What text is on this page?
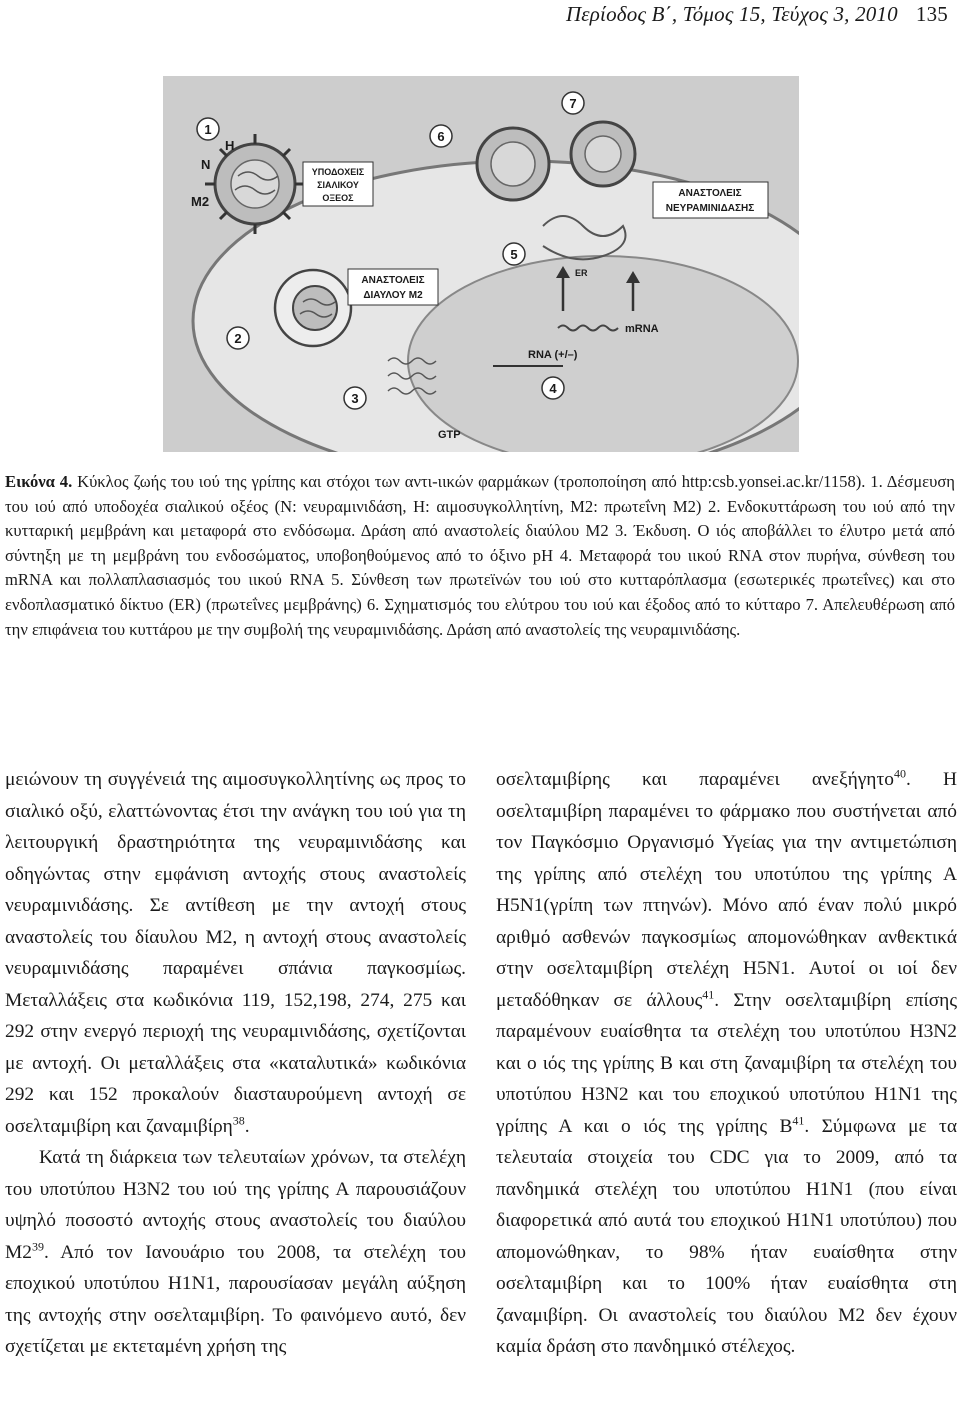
Περίοδος Β΄, Τόμος 15, Τεύχος 3, 2010 135
1
2
3
4
5
6
7
N
H
M2
ΥΠΟΔΟΧΕΙΣ
ΣΙΑΛΙΚΟΥ
ΟΞΕΟΣ
ΑΝΑΣΤΟΛΕΙΣ
ΔΙΑΥΛΟΥ Μ2
ΑΝΑΣΤΟΛΕΙΣ
ΝΕΥΡΑΜΙΝΙΔΑΣΗΣ
ER
mRNA
RNA (+/–)
GTP

Εικόνα 4. Κύκλος ζωής του ιού της γρίπης και στόχοι των αντι-ιικών φαρμάκων (τροποποίηση από http:csb.yonsei.ac.kr/1158). 1. Δέσμευση του ιού από υποδοχέα σιαλικού οξέος (N: νευραμινιδάση, H: αιμοσυγκολλητίνη, M2: πρωτεΐνη M2) 2. Ενδοκυττάρωση του ιού από την κυτταρική μεμβράνη και μεταφορά στο ενδόσωμα. Δράση από αναστολείς διαύλου M2 3. Έκδυση. Ο ιός αποβάλλει το έλυτρο μετά από σύντηξη με τη μεμβράνη του ενδοσώματος, υποβοηθούμενος από το όξινο pH 4. Μεταφορά του ιικού RNA στον πυρήνα, σύνθεση του mRNA και πολλαπλασιασμός του ιικού RNA 5. Σύνθεση των πρωτεϊνών του ιού στο κυτταρόπλασμα (εσωτερικές πρωτεΐνες) και στο ενδοπλασματικό δίκτυο (ER) (πρωτεΐνες μεμβράνης) 6. Σχηματισμός του ελύτρου του ιού και έξοδος από το κύτταρο 7. Απελευθέρωση από την επιφάνεια του κυττάρου με την συμβολή της νευραμινιδάσης. Δράση από αναστολείς της νευραμινιδάσης.

μειώνουν τη συγγένειά της αιμοσυγκολλητίνης ως προς το σιαλικό οξύ, ελαττώνοντας έτσι την ανάγκη του ιού για τη λειτουργική δραστηριότητα της νευραμινιδάσης και οδηγώντας στην εμφάνιση αντοχής στους αναστολείς νευραμινιδάσης. Σε αντίθεση με την αντοχή στους αναστολείς του δίαυλου Μ2, η αντοχή στους αναστολείς νευραμινιδάσης παραμένει σπάνια παγκοσμίως. Μεταλλάξεις στα κωδικόνια 119, 152,198, 274, 275 και 292 στην ενεργό περιοχή της νευραμινιδάσης, σχετίζονται με αντοχή. Οι μεταλλάξεις στα «καταλυτικά» κωδικόνια 292 και 152 προκαλούν διασταυρούμενη αντοχή σε οσελταμιβίρη και ζαναμιβίρη$^{38}$.

Κατά τη διάρκεια των τελευταίων χρόνων, τα στελέχη του υποτύπου H3N2 του ιού της γρίπης Α παρουσιάζουν υψηλό ποσοστό αντοχής στους αναστολείς του διαύλου $M2^{39}$. Από τον Ιανουάριο του 2008, τα στελέχη του εποχικού υποτύπου H1N1, παρουσίασαν μεγάλη αύξηση της αντοχής στην οσελταμιβίρη. Το φαινόμενο αυτό, δεν σχετίζεται με εκτεταμένη χρήση της

οσελταμιβίρης και παραμένει ανεξήγητο$^{40}$. Η οσελταμιβίρη παραμένει το φάρμακο που συστήνεται από τον Παγκόσμιο Οργανισμό Υγείας για την αντιμετώπιση της γρίπης από στελέχη του υποτύπου της γρίπης Α H5N1(γρίπη των πτηνών). Μόνο από έναν πολύ μικρό αριθμό ασθενών παγκοσμίως απομονώθηκαν ανθεκτικά στην οσελταμιβίρη στελέχη H5N1. Αυτοί οι ιοί δεν μεταδόθηκαν σε άλλους$^{41}$. Στην οσελταμιβίρη επίσης παραμένουν ευαίσθητα τα στελέχη του υποτύπου H3N2 και ο ιός της γρίπης Β και στη ζαναμιβίρη τα στελέχη του υποτύπου H3N2 και του εποχικού υποτύπου H1N1 της γρίπης Α και ο ιός της γρίπης $B^{41}$. Σύμφωνα με τα τελευταία στοιχεία του CDC για το 2009, από τα πανδημικά στελέχη του υποτύπου H1N1 (που είναι διαφορετικά από αυτά του εποχικού H1N1 υποτύπου) που απομονώθηκαν, το 98% ήταν ευαίσθητα στην οσελταμιβίρη και το 100% ήταν ευαίσθητα στη ζαναμιβίρη. Οι αναστολείς του διαύλου Μ2 δεν έχουν καμία δράση στο πανδημικό στέλεχος.
